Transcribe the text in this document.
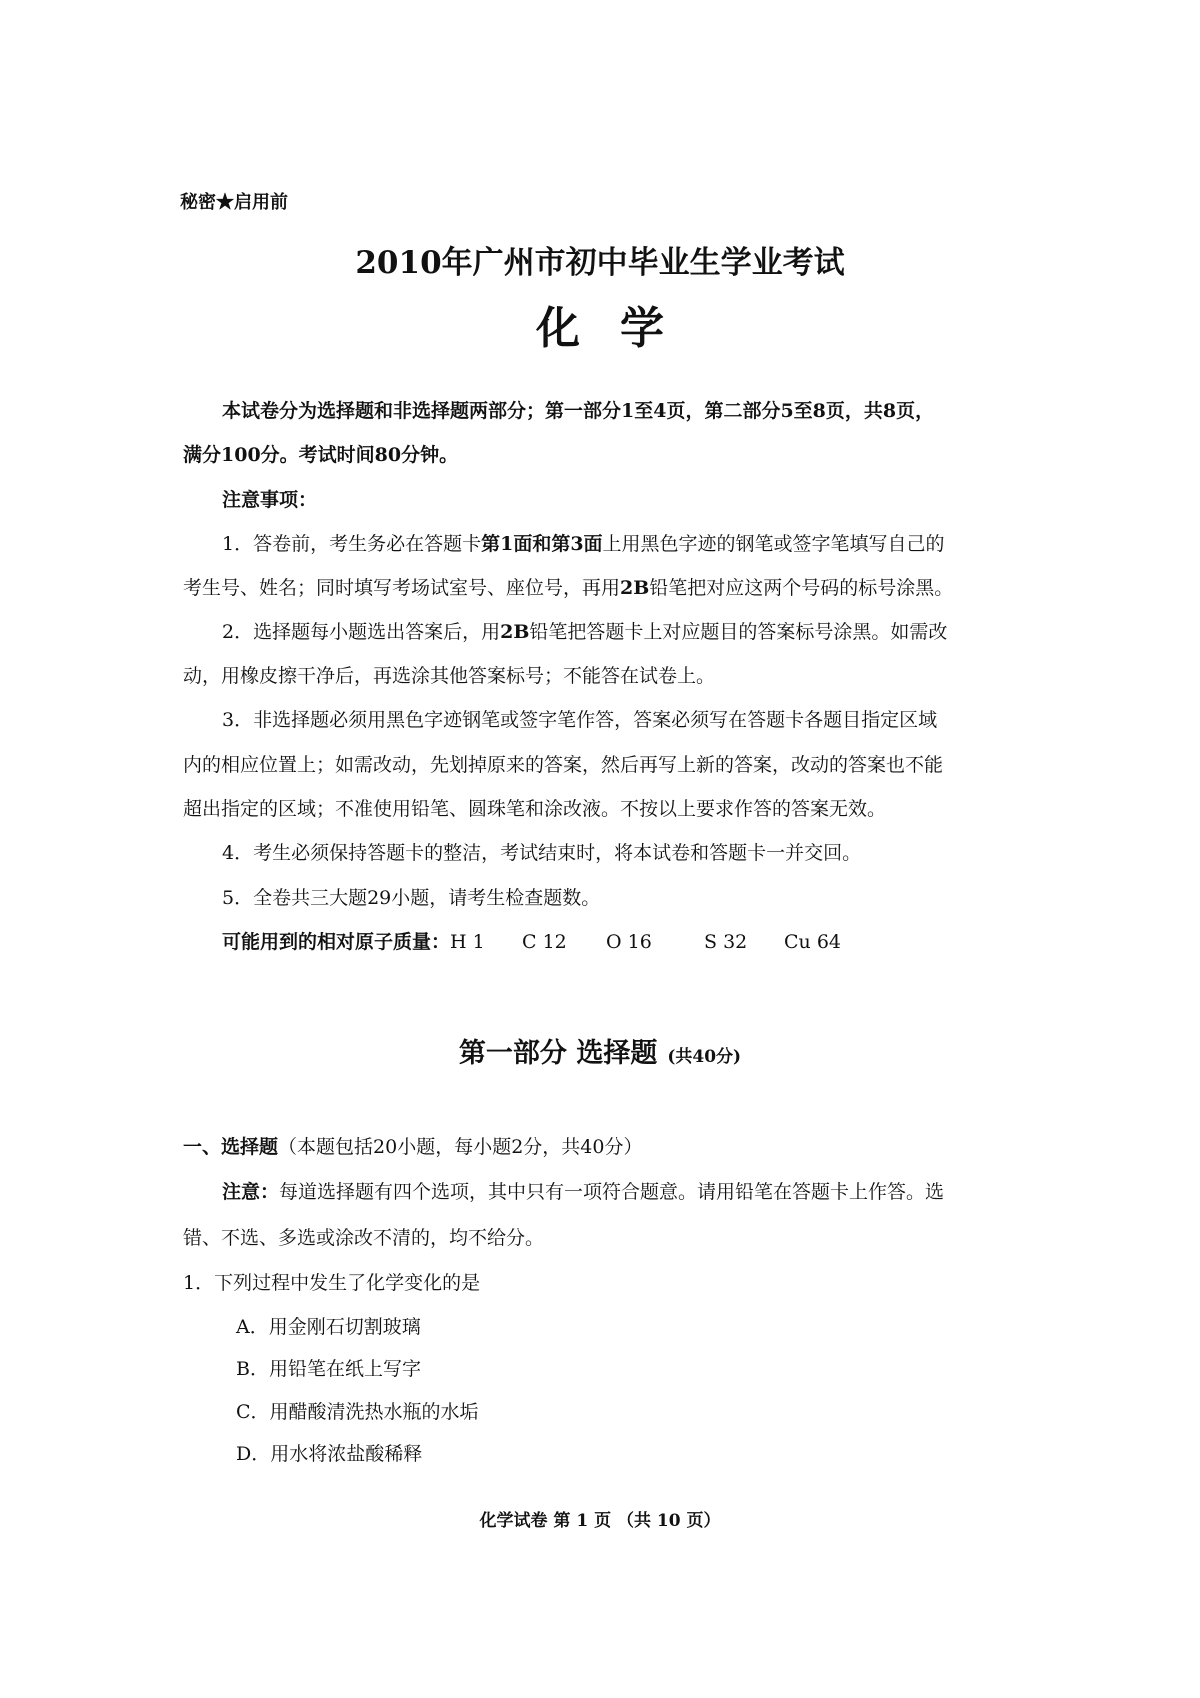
秘密★启用前
2010年广州市初中毕业生学业考试
化学
本试卷分为选择题和非选择题两部分；第一部分1至4页，第二部分5至8页，共8页，
满分100分。考试时间80分钟。
注意事项：
1．答卷前，考生务必在答题卡第1面和第3面上用黑色字迹的钢笔或签字笔填写自己的
考生号、姓名；同时填写考场试室号、座位号，再用2B铅笔把对应这两个号码的标号涂黑。
2．选择题每小题选出答案后，用2B铅笔把答题卡上对应题目的答案标号涂黑。如需改
动，用橡皮擦干净后，再选涂其他答案标号；不能答在试卷上。
3．非选择题必须用黑色字迹钢笔或签字笔作答，答案必须写在答题卡各题目指定区域
内的相应位置上；如需改动，先划掉原来的答案，然后再写上新的答案，改动的答案也不能
超出指定的区域；不准使用铅笔、圆珠笔和涂改液。不按以上要求作答的答案无效。
4．考生必须保持答题卡的整洁，考试结束时，将本试卷和答题卡一并交回。
5．全卷共三大题29小题，请考生检查题数。
可能用到的相对原子质量：H 1 C 12 O 16	S 32 Cu 64
第一部分 选择题 (共40分)
一、选择题（本题包括20小题，每小题2分，共40分）
注意：每道选择题有四个选项，其中只有一项符合题意。请用铅笔在答题卡上作答。选
错、不选、多选或涂改不清的，均不给分。
1．下列过程中发生了化学变化的是
A．用金刚石切割玻璃
B．用铅笔在纸上写字
C．用醋酸清洗热水瓶的水垢
D．用水将浓盐酸稀释
化学试卷 第 1 页 （共 10 页）
